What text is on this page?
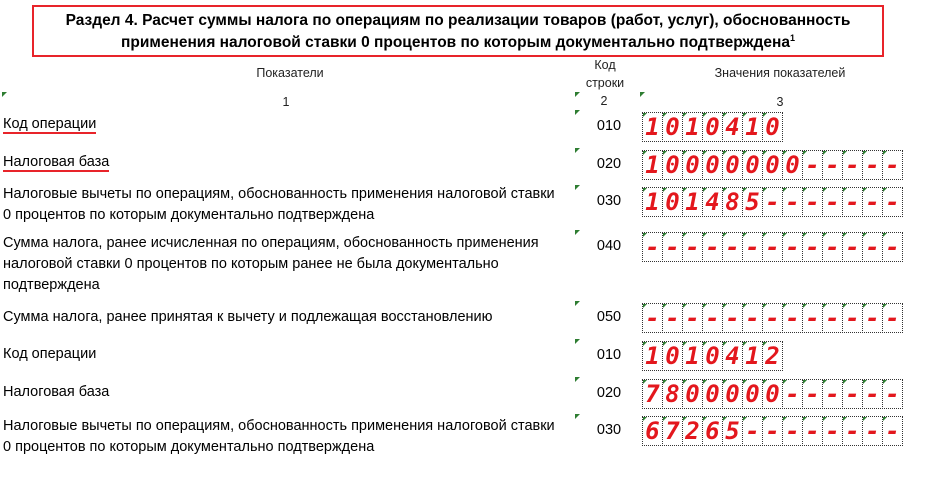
Раздел 4. Расчет суммы налога по операциям по реализации товаров (работ, услуг), обоснованность
применения налоговой ставки 0 процентов по которым документально подтверждена$^1$
Показатели
1
Код
строки
2
Значения показателей
3
Код операции	010 1 0 1 0 4 1 0
Налоговая база	020 1 0 0 0 0 0 0 0 - - - - -
Налоговые вычеты по операциям, обоснованность применения налоговой ставки 0 процентов по которым документально подтверждена
030 1 0 1 4 8 5 - - - - - - -
Сумма налога, ранее исчисленная по операциям, обоснованность применения налоговой ставки 0 процентов по которым ранее не была документально подтверждена
040 - - - - - - - - - - - - -
Сумма налога, ранее принятая к вычету и подлежащая восстановлению	050 - - - - - - - - - - - - -
Код операции	010 1 0 1 0 4 1 2
Налоговая база	020 7 8 0 0 0 0 0 - - - - - -
Налоговые вычеты по операциям, обоснованность применения налоговой ставки 0 процентов по которым документально подтверждена
030 6 7 2 6 5 - - - - - - - -
